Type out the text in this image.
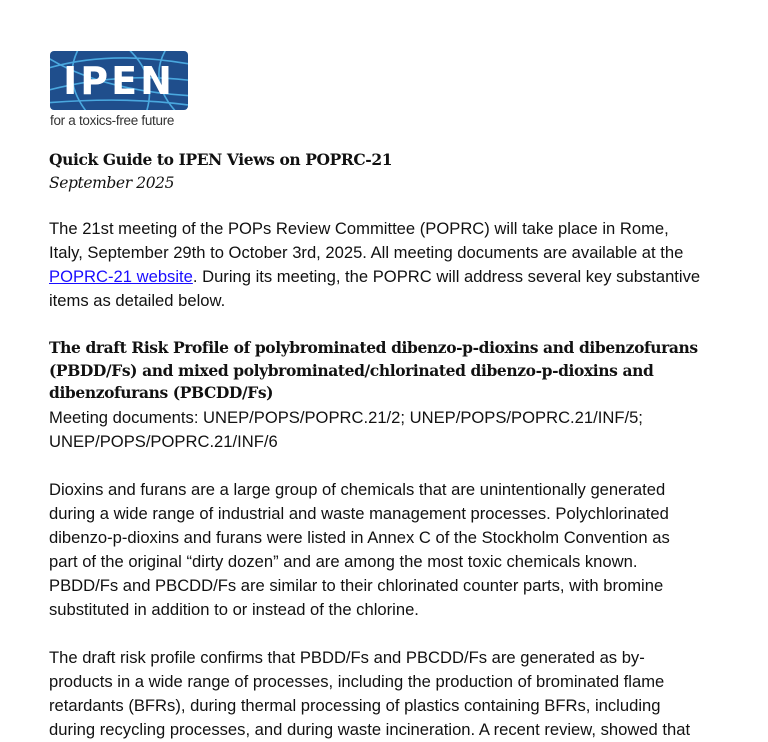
IPEN
for a toxics-free future
Quick Guide to IPEN Views on POPRC-21
September 2025

The 21st meeting of the POPs Review Committee (POPRC) will take place in Rome,
Italy, September 29th to October 3rd, 2025. All meeting documents are available at the
POPRC-21 website. During its meeting, the POPRC will address several key substantive
items as detailed below.

The draft Risk Profile of polybrominated dibenzo-p-dioxins and dibenzofurans
(PBDD/Fs) and mixed polybrominated/chlorinated dibenzo-p-dioxins and
dibenzofurans (PBCDD/Fs)
Meeting documents: UNEP/POPS/POPRC.21/2; UNEP/POPS/POPRC.21/INF/5;
UNEP/POPS/POPRC.21/INF/6

Dioxins and furans are a large group of chemicals that are unintentionally generated
during a wide range of industrial and waste management processes. Polychlorinated
dibenzo-p-dioxins and furans were listed in Annex C of the Stockholm Convention as
part of the original “dirty dozen” and are among the most toxic chemicals known.
PBDD/Fs and PBCDD/Fs are similar to their chlorinated counter parts, with bromine
substituted in addition to or instead of the chlorine.

The draft risk profile confirms that PBDD/Fs and PBCDD/Fs are generated as by-
products in a wide range of processes, including the production of brominated flame
retardants (BFRs), during thermal processing of plastics containing BFRs, including
during recycling processes, and during waste incineration. A recent review, showed that
